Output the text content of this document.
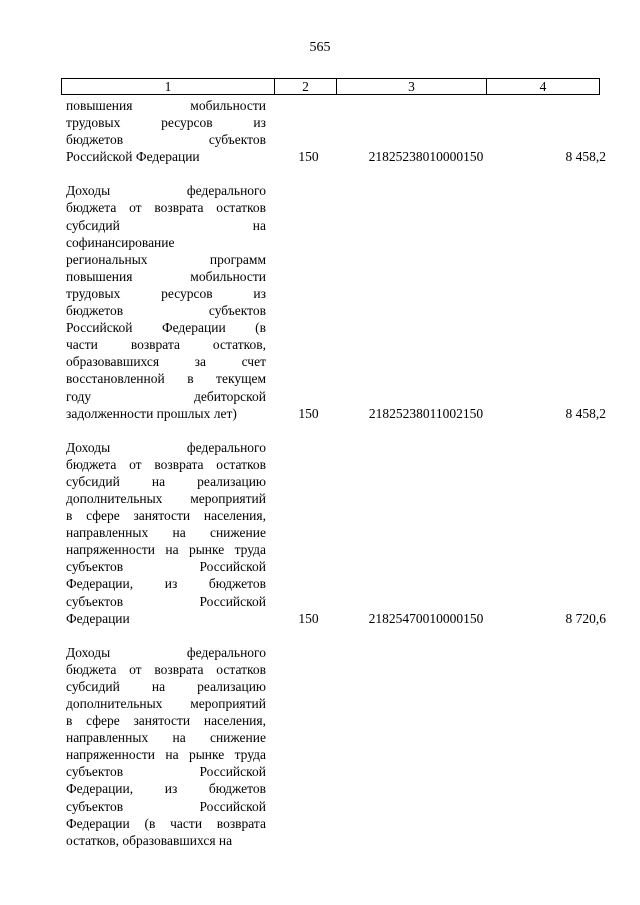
565
1	2	3	4
повышения мобильности
трудовых ресурсов из
бюджетов субъектов
Российской Федерации	150	21825238010000150	8 458,2
Доходы федерального
бюджета от возврата остатков
субсидий на
софинансирование
региональных программ
повышения мобильности
трудовых ресурсов из
бюджетов субъектов
Российской Федерации (в
части возврата остатков,
образовавшихся за счет
восстановленной в текущем
году дебиторской
задолженности прошлых лет)	150	21825238011002150	8 458,2
Доходы федерального
бюджета от возврата остатков
субсидий на реализацию
дополнительных мероприятий
в сфере занятости населения,
направленных на снижение
напряженности на рынке труда
субъектов Российской
Федерации, из бюджетов
субъектов Российской
Федерации	150	21825470010000150	8 720,6
Доходы федерального
бюджета от возврата остатков
субсидий на реализацию
дополнительных мероприятий
в сфере занятости населения,
направленных на снижение
напряженности на рынке труда
субъектов Российской
Федерации, из бюджетов
субъектов Российской
Федерации (в части возврата
остатков, образовавшихся на
